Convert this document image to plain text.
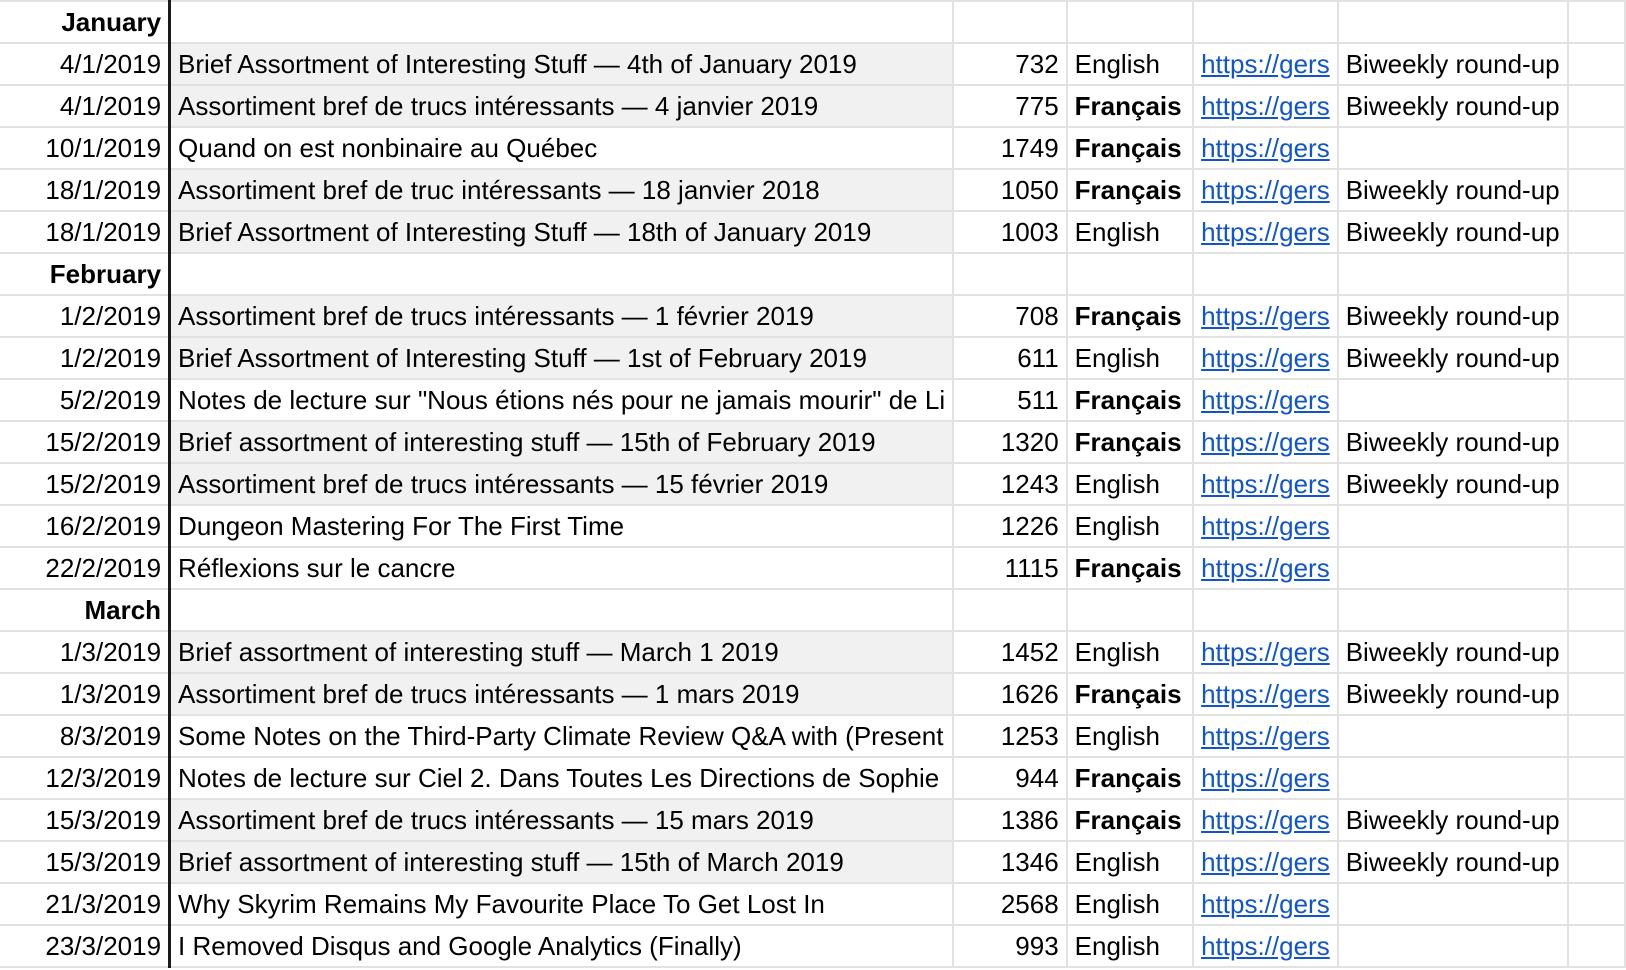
January						
4/1/2019	Brief Assortment of Interesting Stuff — 4th of January 2019	732	English	https://gers	Biweekly round-up	
4/1/2019	Assortiment bref de trucs intéressants — 4 janvier 2019	775	Français	https://gers	Biweekly round-up	
10/1/2019	Quand on est nonbinaire au Québec	1749	Français	https://gers		
18/1/2019	Assortiment bref de truc intéressants — 18 janvier 2018	1050	Français	https://gers	Biweekly round-up	
18/1/2019	Brief Assortment of Interesting Stuff — 18th of January 2019	1003	English	https://gers	Biweekly round-up	
February						
1/2/2019	Assortiment bref de trucs intéressants — 1 février 2019	708	Français	https://gers	Biweekly round-up	
1/2/2019	Brief Assortment of Interesting Stuff — 1st of February 2019	611	English	https://gers	Biweekly round-up	
5/2/2019	Notes de lecture sur "Nous étions nés pour ne jamais mourir" de Li	511	Français	https://gers		
15/2/2019	Brief assortment of interesting stuff — 15th of February 2019	1320	Français	https://gers	Biweekly round-up	
15/2/2019	Assortiment bref de trucs intéressants — 15 février 2019	1243	English	https://gers	Biweekly round-up	
16/2/2019	Dungeon Mastering For The First Time	1226	English	https://gers		
22/2/2019	Réflexions sur le cancre	1115	Français	https://gers		
March						
1/3/2019	Brief assortment of interesting stuff — March 1 2019	1452	English	https://gers	Biweekly round-up	
1/3/2019	Assortiment bref de trucs intéressants — 1 mars 2019	1626	Français	https://gers	Biweekly round-up	
8/3/2019	Some Notes on the Third-Party Climate Review Q&A with (Present	1253	English	https://gers		
12/3/2019	Notes de lecture sur Ciel 2. Dans Toutes Les Directions de Sophie	944	Français	https://gers		
15/3/2019	Assortiment bref de trucs intéressants — 15 mars 2019	1386	Français	https://gers	Biweekly round-up	
15/3/2019	Brief assortment of interesting stuff — 15th of March 2019	1346	English	https://gers	Biweekly round-up	
21/3/2019	Why Skyrim Remains My Favourite Place To Get Lost In	2568	English	https://gers		
23/3/2019	I Removed Disqus and Google Analytics (Finally)	993	English	https://gers		
